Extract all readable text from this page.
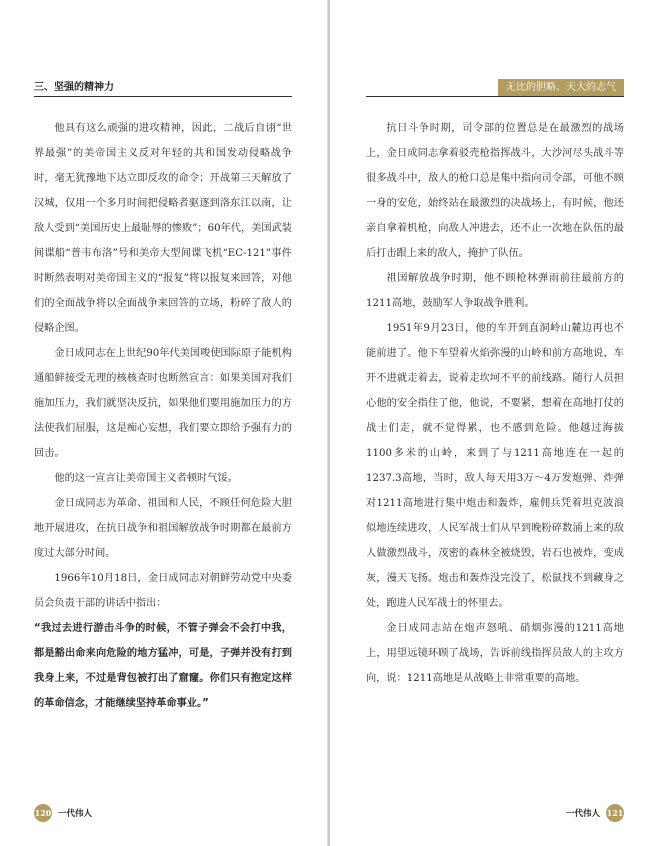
三、坚强的精神力

他具有这么顽强的进攻精神，因此，二战后自诩“世界最强”的美帝国主义反对年轻的共和国发动侵略战争时，毫无犹豫地下达立即反攻的命令；开战第三天解放了汉城，仅用一个多月时间把侵略者驱逐到洛东江以南，让敌人受到“美国历史上最耻辱的惨败”；60年代，美国武装间谍船“普韦布洛”号和美帝大型间谍飞机“EC-121”事件时断然表明对美帝国主义的“报复”将以报复来回答，对他们的全面战争将以全面战争来回答的立场，粉碎了敌人的侵略企图。

金日成同志在上世纪90年代美国唆使国际原子能机构通船鲜接受无理的核核查时也断然宣言：如果美国对我们施加压力，我们就坚决反抗，如果他们要用施加压力的方法使我们屈服，这是痴心妄想，我们要立即给予强有力的回击。

他的这一宣言让美帝国主义者顿时气馁。

金日成同志为革命、祖国和人民，不顾任何危险大胆地开展进攻，在抗日战争和祖国解放战争时期都在最前方度过大部分时间。

1966年10月18日，金日成同志对朝鲜劳动党中央委员会负责干部的讲话中指出：

“我过去进行游击斗争的时候，不管子弹会不会打中我，都是豁出命来向危险的地方猛冲，可是，子弹并没有打到我身上来，不过是背包被打出了窟窿。你们只有抱定这样的革命信念，才能继续坚持革命事业。”

120 一代伟人
无比的胆略、天大的志气

抗日斗争时期，司令部的位置总是在最激烈的战场上，金日成同志拿着驳壳枪指挥战斗，大沙河尽头战斗等很多战斗中，敌人的枪口总是集中指向司令部，可他不顾一身的安危，始终站在最激烈的决战场上，有时候，他还亲自拿着机枪，向敌人冲进去，还不止一次地在队伍的最后打击跟上来的敌人，掩护了队伍。

祖国解放战争时期，他不顾枪林弹雨前往最前方的1211高地，鼓励军人争取战争胜利。

1951年9月23日，他的车开到直洞岭山麓边再也不能前进了。他下车望着火焰弥漫的山岭和前方高地说，车开不进就走着去，说着走坎坷不平的前线路。随行人员担心他的安全指住了他，他说，不要紧，想着在高地打仗的战士们走，就不觉得累，也不感到危险。他越过海拔1100多米的山岭，来到了与1211高地连在一起的1237.3高地，当时，敌人每天用3万～4万发炮弹、炸弹对1211高地进行集中炮击和轰炸，雇佣兵凭着坦克波浪似地连续进攻，人民军战士们从早到晚粉碎数涌上来的敌人做激烈战斗，茂密的森林全被烧毁，岩石也被炸，变成灰，漫天飞扬。炮击和轰炸没完没了，松鼠找不到藏身之处，跑进人民军战士的怀里去。

金日成同志站在炮声怒吼、硝烟弥漫的1211高地上，用望远镜环顾了战场，告诉前线指挥员敌人的主攻方向，说：1211高地是从战略上非常重要的高地。

121
一代伟人
